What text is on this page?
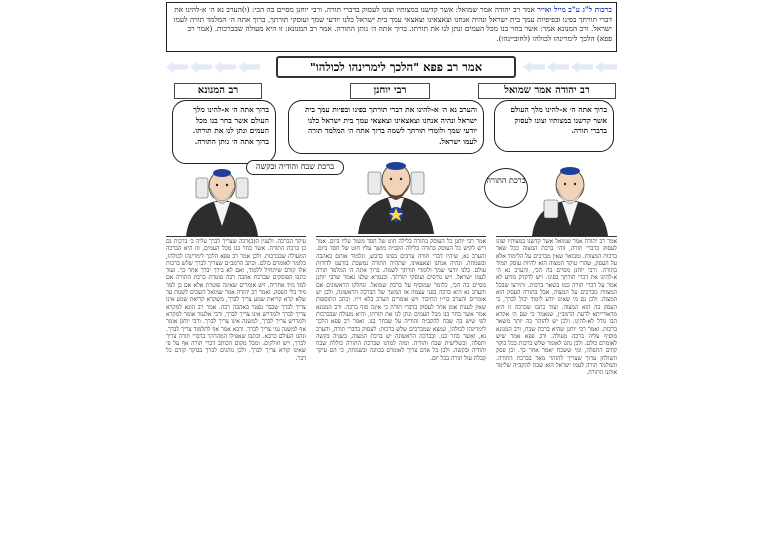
ברכות ל"ג ע"ב מייל ואייר אמר רב יהודה אמר שמואל: אשר קדשנו במצותיו וצונו לעסוק בדברי תורה. ורבי יוחנן מסיים בה הכי: (ו)הערב נא ה׳ א-להינו את דברי תורתך בפינו ובפיפיות עמך בית ישראל ונהיה אנחנו וצאצאינו וצאצאי עמך בית ישראל כלנו יודעי שמך ועוסקי תורתך, ברוך אתה ה׳ המלמד תורה לעמו ישראל. ורב המנונא אמר: אשר בחר בנו מכל העמים ונתן לנו את תורתו. ברוך אתה ה׳ נותן התורה. אמר רב המנונא: זו היא מעולה שבברכות. (אמר רב פפא) הלכך לימרינהו לכולהו (לחוביינהו).
אמר רב פפא "הלכך לימרינהו לכולהו"
רב המנונא	רבי יוחנן	רב יהודה אמר שמואל
ברוך אתה ה׳ א-להינו מלך העולם אשר בחר בנו מכל העמים ונתן לנו את תורתו. ברוך אתה ה׳ נותן התורה.
והערב נא ה׳ א-להינו את דברי תורתך בפינו ובפיות עמך בית ישראל ונהיה אנחנו וצאצאינו וצאצאי עמך בית ישראל כלנו יודעי שמך ולומדי תורתך לשמה ברוך אתה ה׳ המלמד תורה לעמו ישראל.
ברוך אתה ה׳ א-להינו מלך העולם אשר קדשנו במצותיו וצונו לעסוק בדברי תורה.
ברכת שבח והודיה ובקשה
ברכת התורה
עיקר הברכה. ולענין ה(ב)רכה שצריך לברך עליה ב׳ ברכות גם כן ברכת התורה. אשר בחר בנו מכל העמים, וזו היא הברכה המעולה שבברכות. ולכן אמר רב פפא הלכך לימרינהו לכולהו, כלומר לאומרם כולם. וכתב הרמב״ם שצריך לברך שלש ברכות אלו קודם שיתחיל ללמוד, ואם לא בירך יברך אחר כך. ועוד כתבו הפוסקים שברכת אהבה רבה פוטרת ברכת התורה אם למד מיד אחריה. ויש אומרים שאינה פוטרת אלא אם כן למד מיד בלי הפסק. ואמר רב יהודה אמר שמואל השכים לשנות עד שלא קרא קריאת שמע צריך לברך, משקרא קריאת שמע אינו צריך לברך שכבר נפטר באהבה רבה. אמר רב הונא למקרא צריך לברך ולמדרש אינו צריך לברך, ורבי אלעזר אומר למקרא ולמדרש צריך לברך, למשנה אינו צריך לברך. ורבי יוחנן אומר אף למשנה נמי צריך לברך. ורבא אמר אף לתלמוד צריך לברך. ונהגו העולם כרבא. וכתבו שאפילו המהרהר בדברי תורה צריך לברך, ויש חולקים. ומכל מקום הכותב דברי תורה אף על פי שאינו קורא צריך לברך. ולכן נוהגים לברך בבוקר קודם כל דבר.
אמר רבי יוחנן כל העוסק בתורה בלילה חוט של חסד משוך עליו ביום. אמר ריש לקיש כל העוסק בתורה בלילה הקב״ה מושך עליו חוט של חסד ביום. והערב נא, שיהיו דברי תורה ערבים בפינו כדבש, ונלמוד אותם באהבה ובשמחה. ונהיה אנחנו וצאצאינו, שתהיה התורה נמשכת בזרענו לדורות עולם. כלנו יודעי שמך ולומדי תורתך לשמה. ברוך אתה ה׳ המלמד תורה לעמו ישראל. ויש גורסים ועוסקי תורתך. ובגמרא שלנו נאמר שרבי יוחנן מסיים בה הכי, כלומר שמוסיף על ברכת שמואל. ונחלקו הראשונים אם והערב נא היא ברכה בפני עצמה או המשך של הברכה הראשונה, ולכן יש אומרים והערב בוי״ו החיבור ויש אומרים הערב בלא וי״ו. וכתב התוספות שאין לענות אמן אחר לעסוק בדברי תורה כי אינה סוף ברכה. ורב המנונא אמר אשר בחר בנו מכל העמים ונתן לנו את תורתו, והיא מעולה שבברכות לפי שיש בה שבח להקב״ה והודיה על שבחר בנו. ואמר רב פפא הלכך לימרינהו לכולהו, ונמצא שמברכים שלש ברכות: לעסוק בדברי תורה, והערב נא, ואשר בחר בנו. ובברכה הראשונה יש ברכת המצוה, בשניה בקשה ותפלה, ובשלישית שבח והודיה. ומזה למדנו שברכת התורה כוללת שבח והודיה ובקשה. ולכן כל אדם צריך לאומרם בכוונה ובשמחה, כי הם עיקר קבלת עול תורה בכל יום.
אמר רב יהודה אמר שמואל אשר קדשנו במצותיו וצונו לעסוק בדברי תורה, זוהי ברכת המצוה ככל שאר ברכות המצוות. ומבואר שאין מברכים על הלימוד אלא על העסק, שהרי עיקר המצוה הוא להיות עוסק תמיד בתורה. ורבי יוחנן מסיים בה הכי, והערב נא ה׳ א-להינו את דברי תורתך בפינו. ויש לדקדק מדוע לא אמר על דברי תורה כמו בשאר ברכות. ותירצו שבכל המצוות מברכים על המצוה, אבל בתורה העסק הוא המצוה. ולכן גם מי שאינו יודע לימוד יכול לברך, כי העסק בה הוא המצוה. ועוד כתבו שברכה זו היא מדאורייתא לדעת הרמב״ן, שנאמר כי שם ה׳ אקרא הבו גודל לא-להינו. ולכן יש להזהר בה יותר משאר ברכות. ואמר רבי יוחנן שהיא ברכת שבח, ורב המנונא מוסיף עליה ברכה מעולה. ורב פפא אמר שיש לאומרם כולם. ולכן נהגו לאומר שלש ברכות בכל בוקר קודם התפלה, ומי ששכח יאמר אחר כך. וכן פסק השולחן ערוך שצריך להזהר מאד בברכת התורה. והמלמד תורה לעמו ישראל הוא שבח להקב״ה שלימד אותנו התורה.
